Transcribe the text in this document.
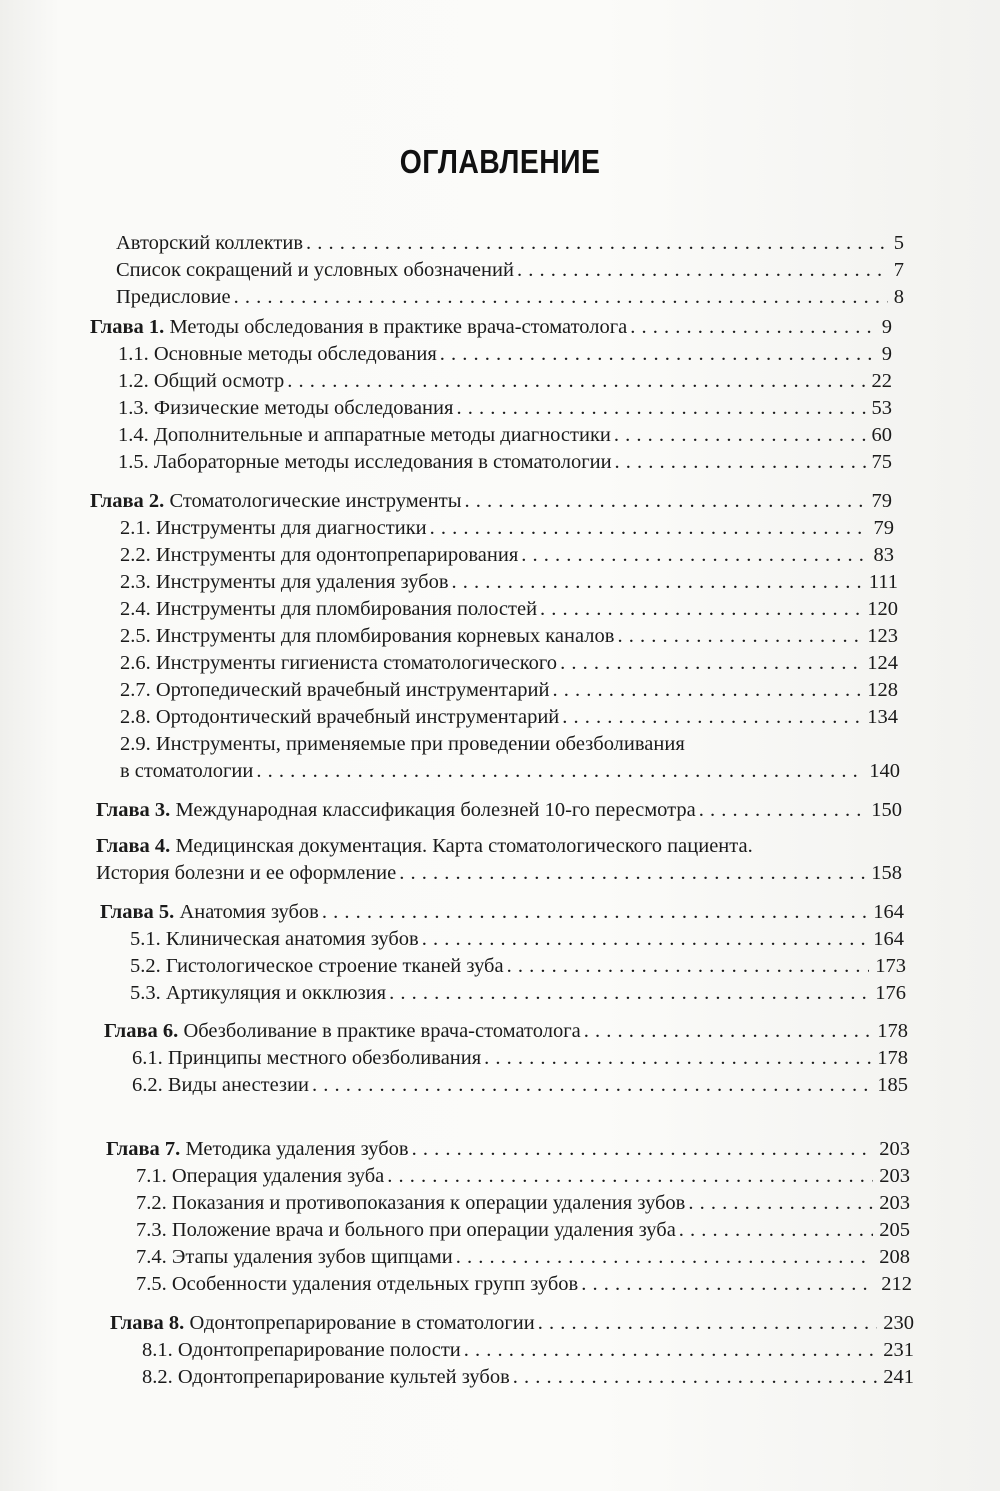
ОГЛАВЛЕНИЕ
Авторский коллектив . . .	5
Список сокращений и условных обозначений . . .	7
Предисловие . . .	8
Глава 1. Методы обследования в практике врача-стоматолога . . .	9
1.1. Основные методы обследования . . .	9
1.2. Общий осмотр . . .	22
1.3. Физические методы обследования . . .	53
1.4. Дополнительные и аппаратные методы диагностики . . .	60
1.5. Лабораторные методы исследования в стоматологии . . .	75
Глава 2. Стоматологические инструменты . . .	79
2.1. Инструменты для диагностики . . .	79
2.2. Инструменты для одонтопрепарирования . . .	83
2.3. Инструменты для удаления зубов . . .	111
2.4. Инструменты для пломбирования полостей . . .	120
2.5. Инструменты для пломбирования корневых каналов . . .	123
2.6. Инструменты гигиениста стоматологического . . .	124
2.7. Ортопедический врачебный инструментарий . . .	128
2.8. Ортодонтический врачебный инструментарий . . .	134
2.9. Инструменты, применяемые при проведении обезболивания
в стоматологии . . .	140
Глава 3. Международная классификация болезней 10-го пересмотра . . .	150
Глава 4. Медицинская документация. Карта стоматологического пациента.
История болезни и ее оформление . . .	158
Глава 5. Анатомия зубов . . .	164
5.1. Клиническая анатомия зубов . . .	164
5.2. Гистологическое строение тканей зуба . . .	173
5.3. Артикуляция и окклюзия . . .	176
Глава 6. Обезболивание в практике врача-стоматолога . . .	178
6.1. Принципы местного обезболивания . . .	178
6.2. Виды анестезии . . .	185
Глава 7. Методика удаления зубов . . .	203
7.1. Операция удаления зуба . . .	203
7.2. Показания и противопоказания к операции удаления зубов . . .	203
7.3. Положение врача и больного при операции удаления зуба . . .	205
7.4. Этапы удаления зубов щипцами . . .	208
7.5. Особенности удаления отдельных групп зубов . . .	212
Глава 8. Одонтопрепарирование в стоматологии . . .	230
8.1. Одонтопрепарирование полости . . .	231
8.2. Одонтопрепарирование культей зубов . . .	241
